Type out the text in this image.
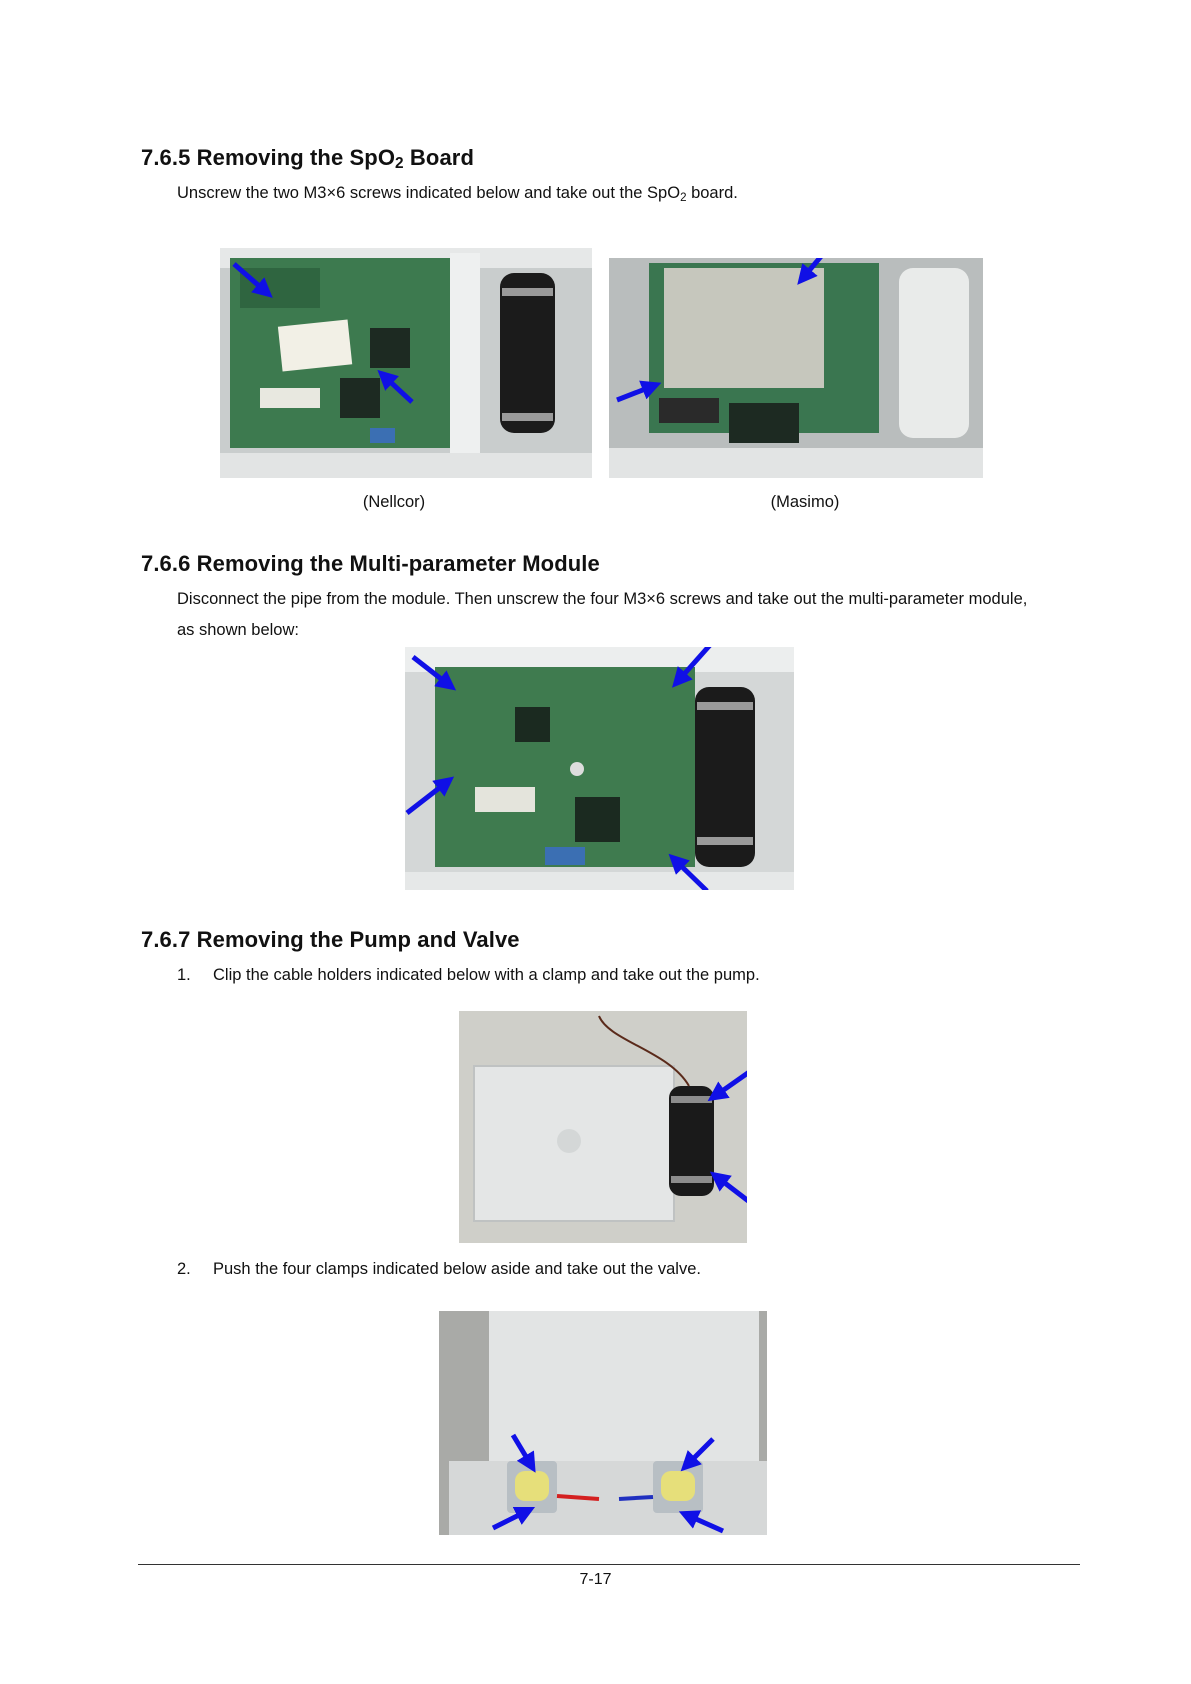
7.6.5 Removing the SpO$_2$ Board
Unscrew the two M3×6 screws indicated below and take out the SpO$_2$ board.
(Nellcor)	(Masimo)
7.6.6 Removing the Multi-parameter Module
Disconnect the pipe from the module. Then unscrew the four M3×6 screws and take out the multi-parameter module,
as shown below:
7.6.7 Removing the Pump and Valve
1. Clip the cable holders indicated below with a clamp and take out the pump.
2. Push the four clamps indicated below aside and take out the valve.
7-17
